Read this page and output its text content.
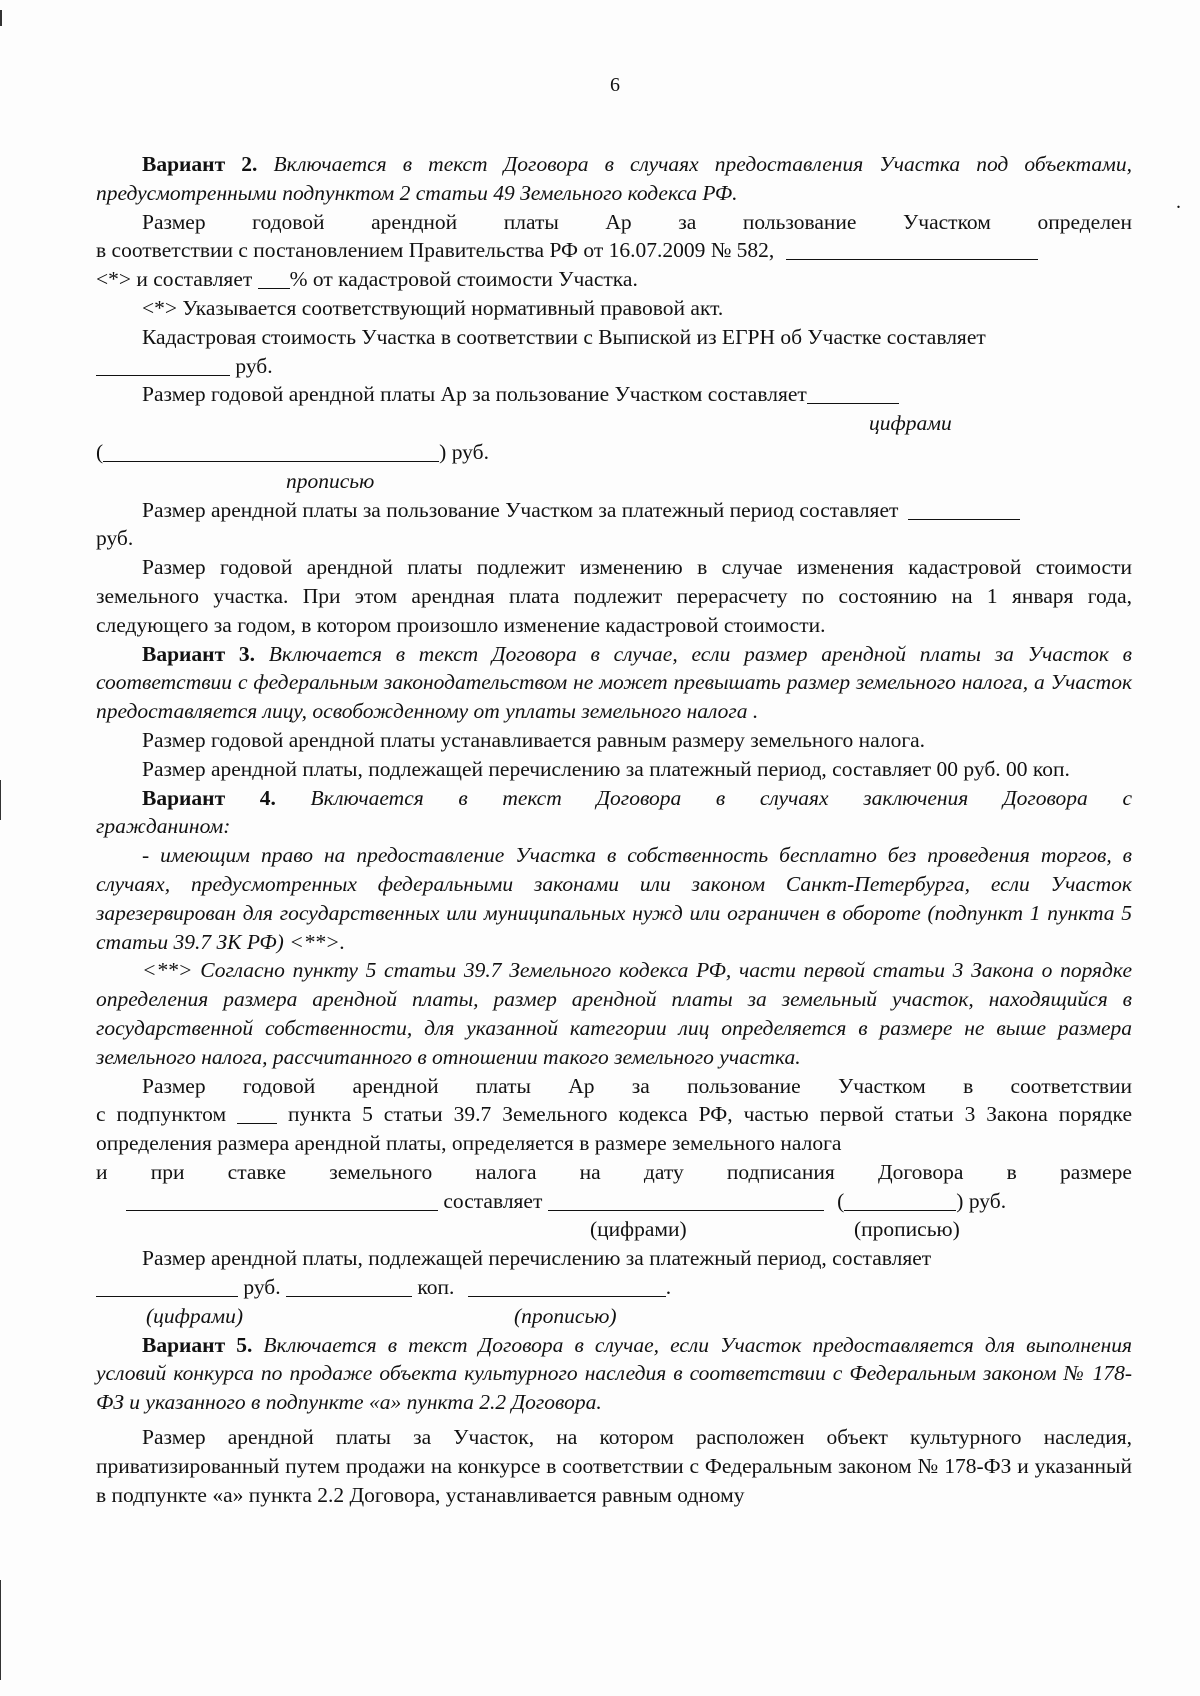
6
.

Вариант 2. Включается в текст Договора в случаях предоставления Участка под объектами, предусмотренными подпунктом 2 статьи 49 Земельного кодекса РФ.

Размер годовой арендной платы Ар за пользование Участком определен
в соответствии с постановлением Правительства РФ от 16.07.2009 № 582,
<*> и составляет % от кадастровой стоимости Участка.

<*> Указывается соответствующий нормативный правовой акт.

Кадастровая стоимость Участка в соответствии с Выпиской из ЕГРН об Участке составляет

руб.
Размер годовой арендной платы Ар за пользование Участком составляет
цифрами
(	) руб.
прописью
Размер арендной платы за пользование Участком за платежный период составляет
руб.

Размер годовой арендной платы подлежит изменению в случае изменения кадастровой стоимости земельного участка. При этом арендная плата подлежит перерасчету по состоянию на 1 января года, следующего за годом, в котором произошло изменение кадастровой стоимости.

Вариант 3. Включается в текст Договора в случае, если размер арендной платы за Участок в соответствии с федеральным законодательством не может превышать размер земельного налога, а Участок предоставляется лицу, освобожденному от уплаты земельного налога .

Размер годовой арендной платы устанавливается равным размеру земельного налога.

Размер арендной платы, подлежащей перечислению за платежный период, составляет 00 руб. 00 коп.

Вариант 4. Включается в текст Договора в случаях заключения Договора с гражданином:

- имеющим право на предоставление Участка в собственность бесплатно без проведения торгов, в случаях, предусмотренных федеральными законами или законом Санкт-Петербурга, если Участок зарезервирован для государственных или муниципальных нужд или ограничен в обороте (подпункт 1 пункта 5 статьи 39.7 ЗК РФ) <**>.

<**> Согласно пункту 5 статьи 39.7 Земельного кодекса РФ, части первой статьи 3 Закона о порядке определения размера арендной платы, размер арендной платы за земельный участок, находящийся в государственной собственности, для указанной категории лиц определяется в размере не выше размера земельного налога, рассчитанного в отношении такого земельного участка.

Размер годовой арендной платы Ар за пользование Участком в соответствии

с подпунктом	пункта 5 статьи 39.7 Земельного кодекса РФ, частью первой статьи 3 Закона порядке определения размера арендной платы, определяется в размере земельного налога

и при ставке земельного налога на дату подписания Договора в размере
составляет	(	) руб.
(цифрами)	(прописью)

Размер арендной платы, подлежащей перечислению за платежный период, составляет

руб.	коп.	.
(цифрами)	(прописью)

Вариант 5. Включается в текст Договора в случае, если Участок предоставляется для выполнения условий конкурса по продаже объекта культурного наследия в соответствии с Федеральным законом № 178-ФЗ и указанного в подпункте «а» пункта 2.2 Договора.

Размер арендной платы за Участок, на котором расположен объект культурного наследия, приватизированный путем продажи на конкурсе в соответствии с Федеральным законом № 178-ФЗ и указанный в подпункте «а» пункта 2.2 Договора, устанавливается равным одному
